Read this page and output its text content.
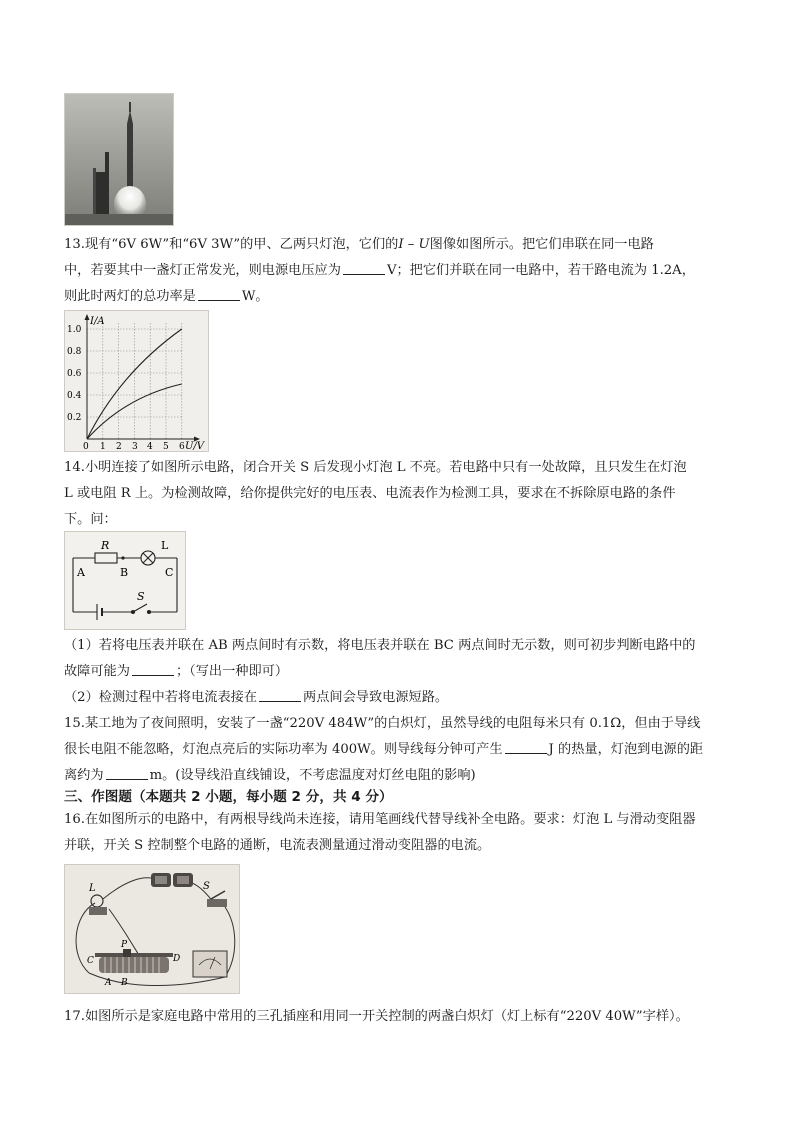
13.现有“6V 6W”和“6V 3W”的甲、乙两只灯泡，它们的I – U图像如图所示。把它们串联在同一电路
中，若要其中一盏灯正常发光，则电源电压应为	V；把它们并联在同一电路中，若干路电流为 1.2A，
则此时两灯的总功率是	W。
I/A
1.0
0.8
0.6
0.4
0.2
0 1 2 3 4 5 6 U/V
14.小明连接了如图所示电路，闭合开关 S 后发现小灯泡 L 不亮。若电路中只有一处故障，且只发生在灯泡
L 或电阻 R 上。为检测故障，给你提供完好的电压表、电流表作为检测工具，要求在不拆除原电路的条件
下。问：
R	L
A	B	C
S
（1）若将电压表并联在 AB 两点间时有示数，将电压表并联在 BC 两点间时无示数，则可初步判断电路中的
故障可能为	；（写出一种即可）
（2）检测过程中若将电流表接在	两点间会导致电源短路。
15.某工地为了夜间照明，安装了一盏“220V 484W”的白炽灯，虽然导线的电阻每米只有 0.1Ω，但由于导线
很长电阻不能忽略，灯泡点亮后的实际功率为 400W。则导线每分钟可产生	J 的热量，灯泡到电源的距
离约为	m。(设导线沿直线铺设，不考虑温度对灯丝电阻的影响)
三、作图题（本题共 2 小题，每小题 2 分，共 4 分）
16.在如图所示的电路中，有两根导线尚未连接，请用笔画线代替导线补全电路。要求：灯泡 L 与滑动变阻器
并联，开关 S 控制整个电路的通断，电流表测量通过滑动变阻器的电流。
L	S
P
C	D
A B
17.如图所示是家庭电路中常用的三孔插座和用同一开关控制的两盏白炽灯（灯上标有“220V 40W”字样）。
